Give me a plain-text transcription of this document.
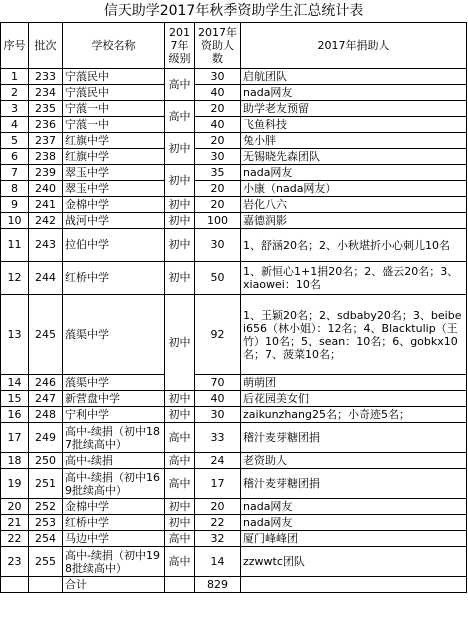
信天助学2017年秋季资助学生汇总统计表					
序号	批次	学校名称	2017年级别	2017年资助人数	2017年捐助人
1	233	宁蒗民中	高中	30	启航团队
2	234	宁蒗民中		40	nada网友
3	235	宁蒗一中	高中	20	助学老友预留
4	236	宁蒗一中		40	飞鱼科技
5	237	红旗中学	初中	20	兔小胖
6	238	红旗中学		30	无锡晓先森团队
7	239	翠玉中学	初中	35	nada网友
8	240	翠玉中学		20	小康（nada网友）
9	241	金棉中学	初中	20	岩化八六
10	242	战河中学	初中	100	嘉德润影
11	243	拉伯中学	初中	30	1、舒涵20名；2、小秋堪折小心刺儿10名
12	244	红桥中学	初中	50	1、新恒心1+1捐20名；2、盛云20名；3、xiaowei：10名
13	245	蒗渠中学	初中	92	1、王颖20名；2、sdbaby20名；3、beibei656（林小姐）：12名；4、Blacktulip（王竹）10名；5、sean：10名；6、gobkx10名；7、菠菜10名；
14	246	蒗渠中学		70	萌萌团
15	247	新营盘中学	初中	40	后花园美女们
16	248	宁利中学	初中	30	zaikunzhang25名；小奇迹5名；
17	249	高中-续捐（初中187批续高中）	高中	33	稽汁麦芽糖团捐
18	250	高中-续捐	高中	24	老资助人
19	251	高中-续捐（初中169批续高中）	高中	17	稽汁麦芽糖团捐
20	252	金棉中学	初中	20	nada网友
21	253	红桥中学	初中	22	nada网友
22	254	马边中学	高中	32	厦门峰峰团
23	255	高中-续捐（初中198批续高中）	高中	14	zzwwtc团队
		合计		829	
